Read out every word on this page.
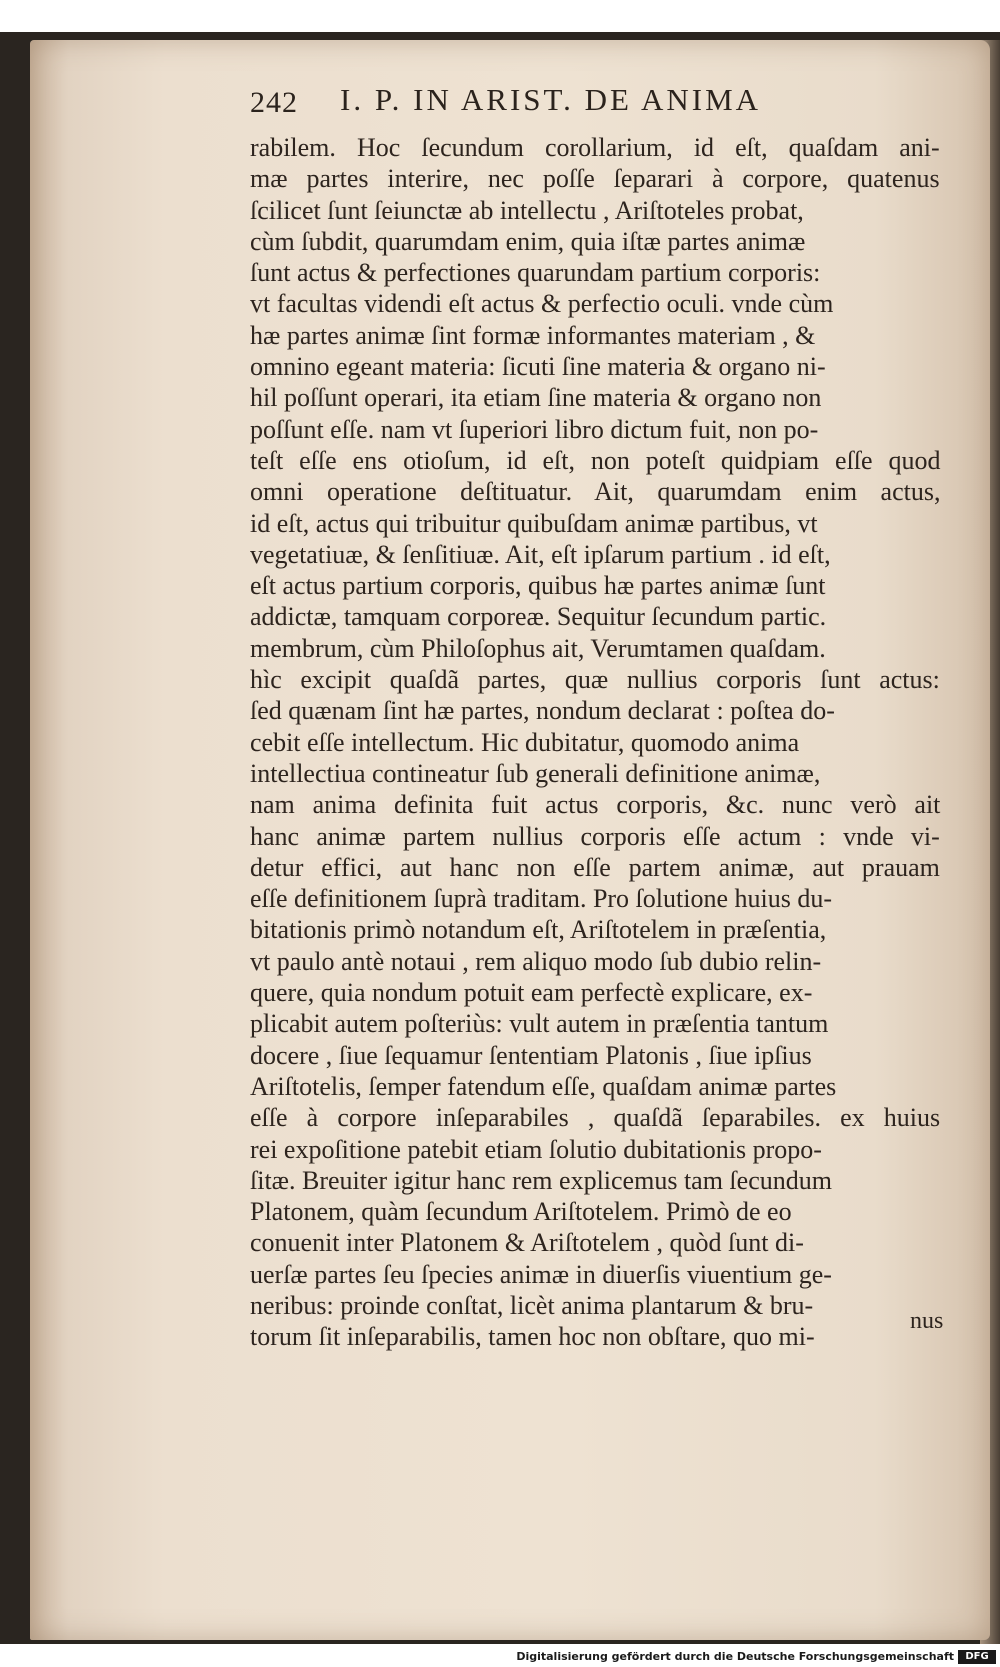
242 I. P. IN ARIST. DE ANIMA
rabilem. Hoc ſecundum corollarium, id eſt, quaſdam ani-
mæ partes interire, nec poſſe ſeparari à corpore, quatenus
ſcilicet ſunt ſeiunctæ ab intellectu , Ariſtoteles probat,
cùm ſubdit, quarumdam enim, quia iſtæ partes animæ
ſunt actus & perfectiones quarundam partium corporis:
vt facultas videndi eſt actus & perfectio oculi. vnde cùm
hæ partes animæ ſint formæ informantes materiam , &
omnino egeant materia: ſicuti ſine materia & organo ni-
hil poſſunt operari, ita etiam ſine materia & organo non
poſſunt eſſe. nam vt ſuperiori libro dictum fuit, non po-
teſt eſſe ens otioſum, id eſt, non poteſt quidpiam eſſe quod
omni operatione deſtituatur. Ait, quarumdam enim actus,
id eſt, actus qui tribuitur quibuſdam animæ partibus, vt
vegetatiuæ, & ſenſitiuæ. Ait, eſt ipſarum partium . id eſt,
eſt actus partium corporis, quibus hæ partes animæ ſunt
addictæ, tamquam corporeæ. Sequitur ſecundum partic.
membrum, cùm Philoſophus ait, Verumtamen quaſdam.
hìc excipit quaſdã partes, quæ nullius corporis ſunt actus:
ſed quænam ſint hæ partes, nondum declarat : poſtea do-
cebit eſſe intellectum. Hic dubitatur, quomodo anima
intellectiua contineatur ſub generali definitione animæ,
nam anima definita fuit actus corporis, &c. nunc verò ait
hanc animæ partem nullius corporis eſſe actum : vnde vi-
detur effici, aut hanc non eſſe partem animæ, aut prauam
eſſe definitionem ſuprà traditam. Pro ſolutione huius du-
bitationis primò notandum eſt, Ariſtotelem in præſentia,
vt paulo antè notaui , rem aliquo modo ſub dubio relin-
quere, quia nondum potuit eam perfectè explicare, ex-
plicabit autem poſteriùs: vult autem in præſentia tantum
docere , ſiue ſequamur ſententiam Platonis , ſiue ipſius
Ariſtotelis, ſemper fatendum eſſe, quaſdam animæ partes
eſſe à corpore inſeparabiles , quaſdã ſeparabiles. ex huius
rei expoſitione patebit etiam ſolutio dubitationis propo-
ſitæ. Breuiter igitur hanc rem explicemus tam ſecundum
Platonem, quàm ſecundum Ariſtotelem. Primò de eo
conuenit inter Platonem & Ariſtotelem , quòd ſunt di-
uerſæ partes ſeu ſpecies animæ in diuerſis viuentium ge-
neribus: proinde conſtat, licèt anima plantarum & bru-
torum ſit inſeparabilis, tamen hoc non obſtare, quo mi-
nus
Digitalisierung gefördert durch die Deutsche Forschungsgemeinschaft	DFG
